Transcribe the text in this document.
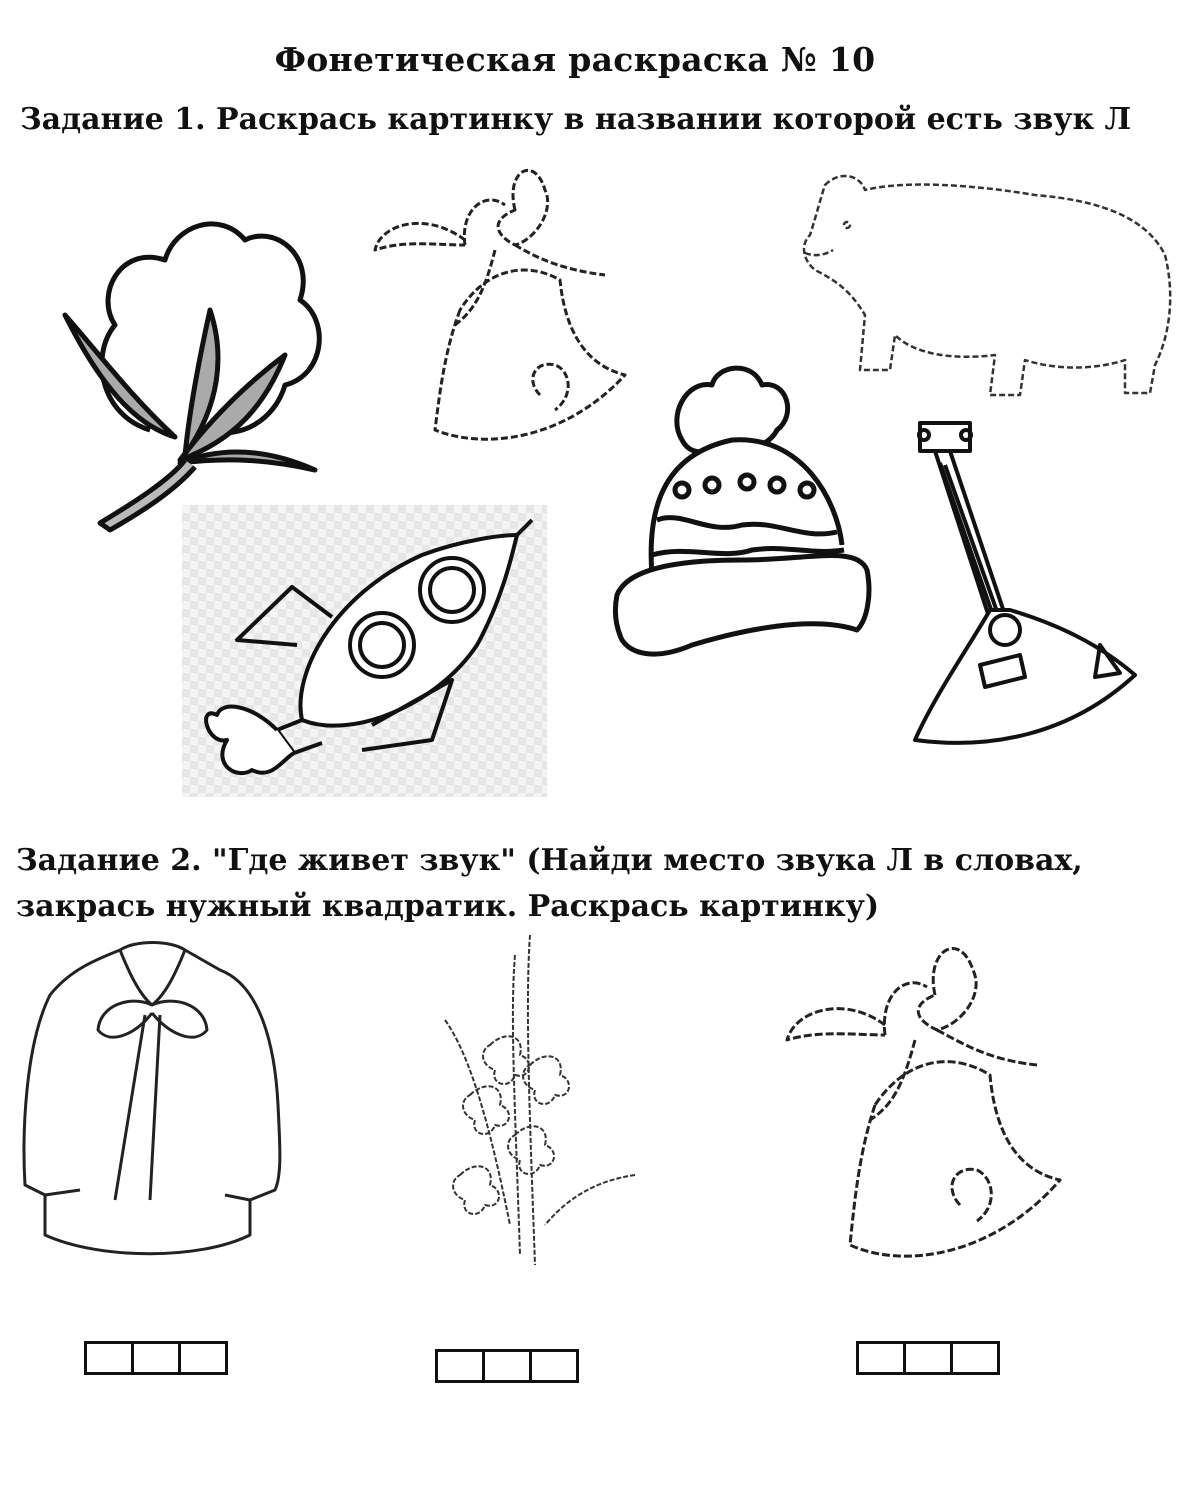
Фонетическая раскраска № 10
Задание 1. Раскрась картинку в названии которой есть звук Л
Задание 2. "Где живет звук" (Найди место звука Л в словах,
закрась нужный квадратик. Раскрась картинку)
